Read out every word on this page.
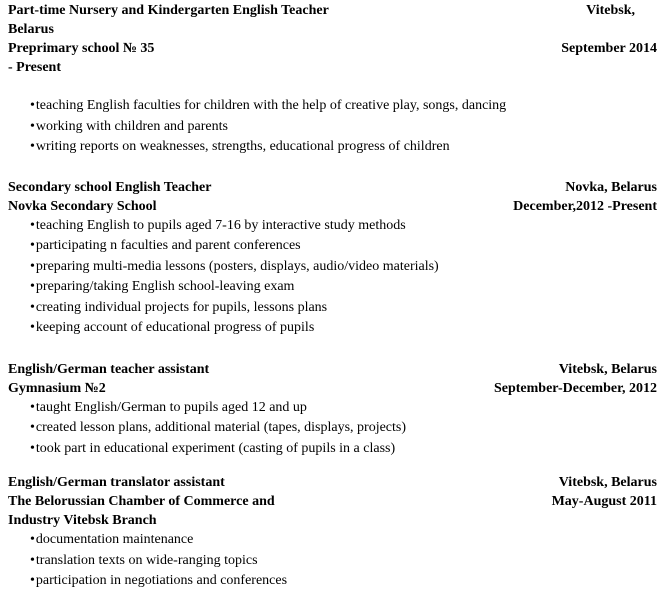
Part-time Nursery and Kindergarten English Teacher	Vitebsk,
Belarus
Preprimary school № 35	September 2014
- Present
•teaching English faculties for children with the help of creative play, songs, dancing
•working with children and parents
•writing reports on weaknesses, strengths, educational progress of children
Secondary school English Teacher	Novka, Belarus
Novka Secondary School	December,2012 -Present
•teaching English to pupils aged 7-16 by interactive study methods
•participating n faculties and parent conferences
•preparing multi-media lessons (posters, displays, audio/video materials)
•preparing/taking English school-leaving exam
•creating individual projects for pupils, lessons plans
•keeping account of educational progress of pupils
English/German teacher assistant	Vitebsk, Belarus
Gymnasium №2	September-December, 2012
•taught English/German to pupils aged 12 and up
•created lesson plans, additional material (tapes, displays, projects)
•took part in educational experiment (casting of pupils in a class)
English/German translator assistant	Vitebsk, Belarus
The Belorussian Chamber of Commerce and	May-August 2011
Industry Vitebsk Branch
•documentation maintenance
•translation texts on wide-ranging topics
•participation in negotiations and conferences
